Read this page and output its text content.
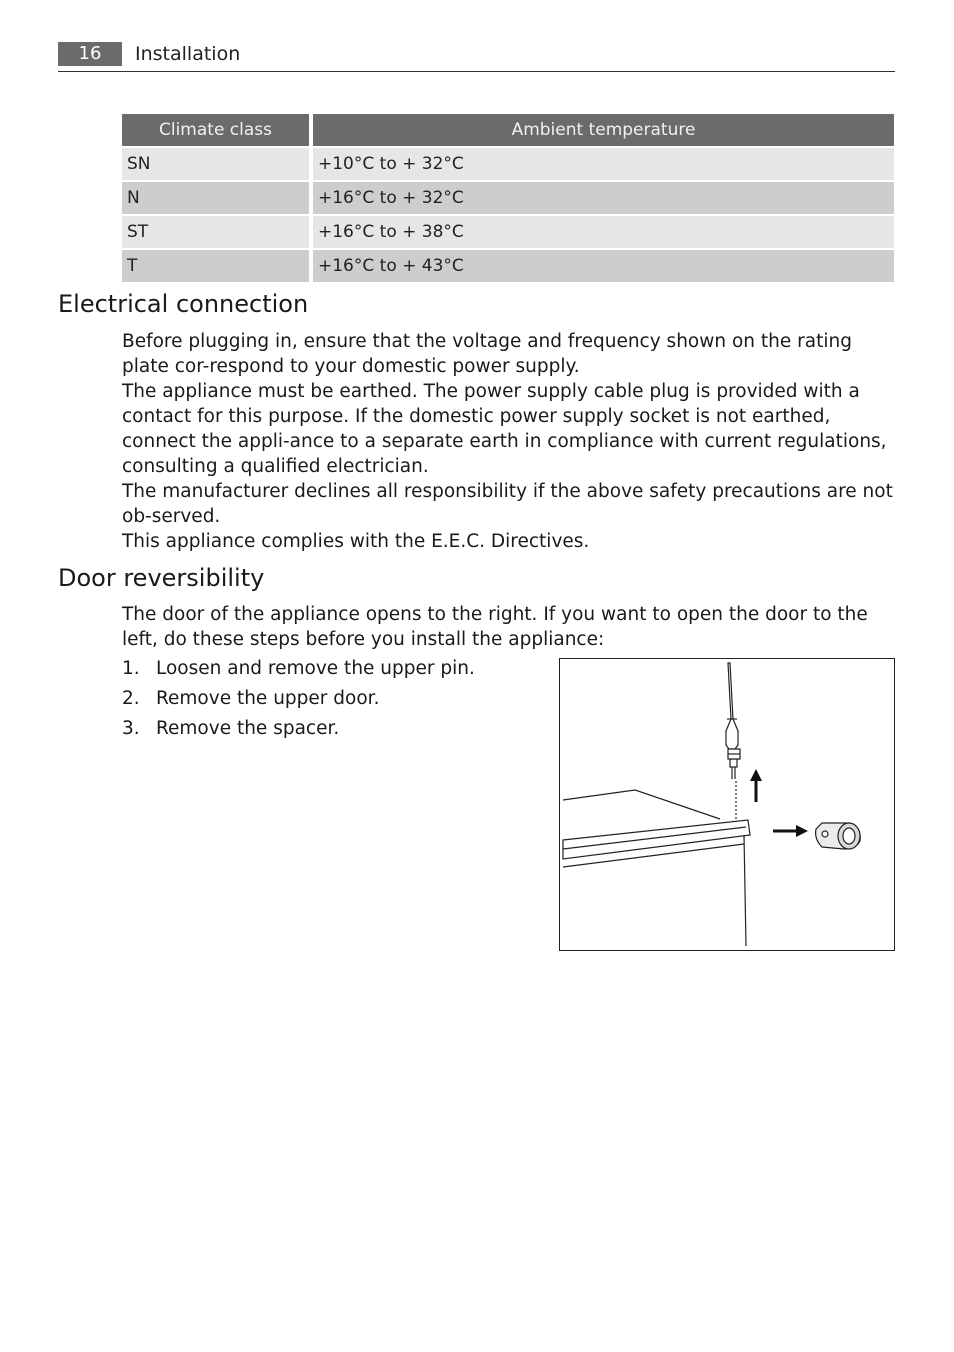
16	Installation
Climate class		Ambient temperature
SN		+10°C to + 32°C
N		+16°C to + 32°C
ST		+16°C to + 38°C
T		+16°C to + 43°C
Electrical connection

Before plugging in, ensure that the voltage and frequency shown on the rating plate cor-respond to your domestic power supply.

The appliance must be earthed. The power supply cable plug is provided with a contact for this purpose. If the domestic power supply socket is not earthed, connect the appli-ance to a separate earth in compliance with current regulations, consulting a qualified electrician.

The manufacturer declines all responsibility if the above safety precautions are not ob-served.

This appliance complies with the E.E.C. Directives.

Door reversibility

The door of the appliance opens to the right. If you want to open the door to the left, do these steps before you install the appliance:

1. Loosen and remove the upper pin.
2. Remove the upper door.
3. Remove the spacer.
